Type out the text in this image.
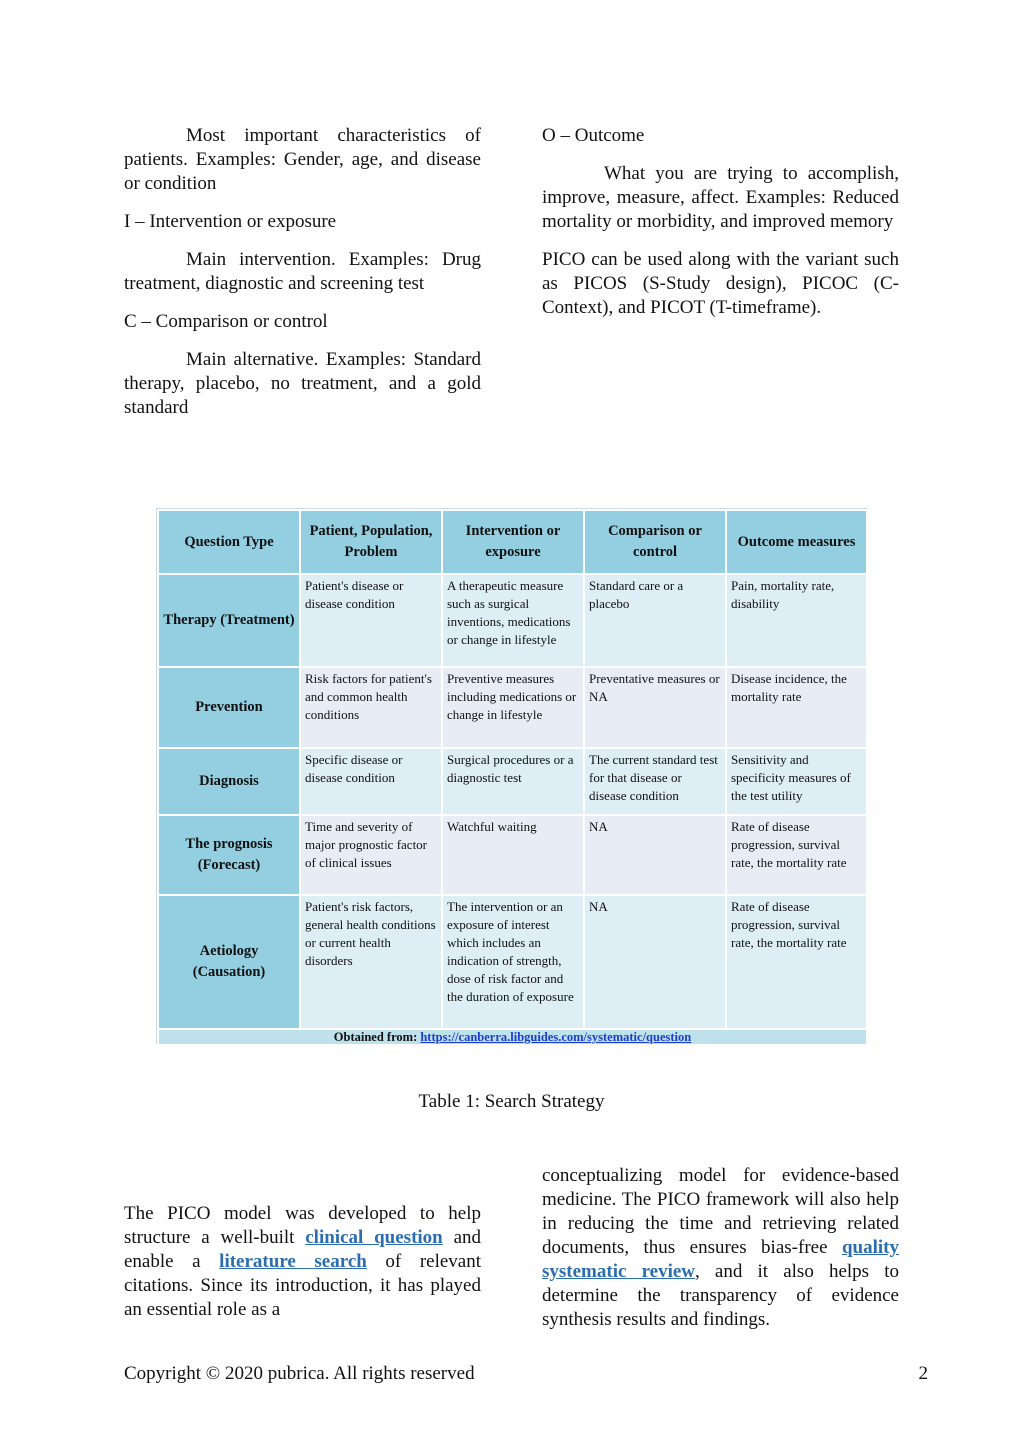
Most important characteristics of patients. Examples: Gender, age, and disease or condition

I – Intervention or exposure

Main intervention. Examples: Drug treatment, diagnostic and screening test

C – Comparison or control

Main alternative. Examples: Standard therapy, placebo, no treatment, and a gold standard

O – Outcome

What you are trying to accomplish, improve, measure, affect. Examples: Reduced mortality or morbidity, and improved memory

PICO can be used along with the variant such as PICOS (S-Study design), PICOC (C-Context), and PICOT (T-timeframe).

Question Type	Patient, Population, Problem	Intervention or exposure	Comparison or control	Outcome measures
Therapy (Treatment)	Patient's disease or disease condition	A therapeutic measure such as surgical inventions, medications or change in lifestyle	Standard care or a placebo	Pain, mortality rate, disability
Prevention	Risk factors for patient's and common health conditions	Preventive measures including medications or change in lifestyle	Preventative measures or NA	Disease incidence, the mortality rate
Diagnosis	Specific disease or disease condition	Surgical procedures or a diagnostic test	The current standard test for that disease or disease condition	Sensitivity and specificity measures of the test utility
The prognosis (Forecast)	Time and severity of major prognostic factor of clinical issues	Watchful waiting	NA	Rate of disease progression, survival rate, the mortality rate
Aetiology (Causation)	Patient's risk factors, general health conditions or current health disorders	The intervention or an exposure of interest which includes an indication of strength, dose of risk factor and the duration of exposure	NA	Rate of disease progression, survival rate, the mortality rate
Obtained from: https://canberra.libguides.com/systematic/question				
Table 1: Search Strategy

The PICO model was developed to help structure a well-built clinical question and enable a literature search of relevant citations. Since its introduction, it has played an essential role as a

conceptualizing model for evidence-based medicine. The PICO framework will also help in reducing the time and retrieving related documents, thus ensures bias-free quality systematic review, and it also helps to determine the transparency of evidence synthesis results and findings.

Copyright © 2020 pubrica. All rights reserved	2
